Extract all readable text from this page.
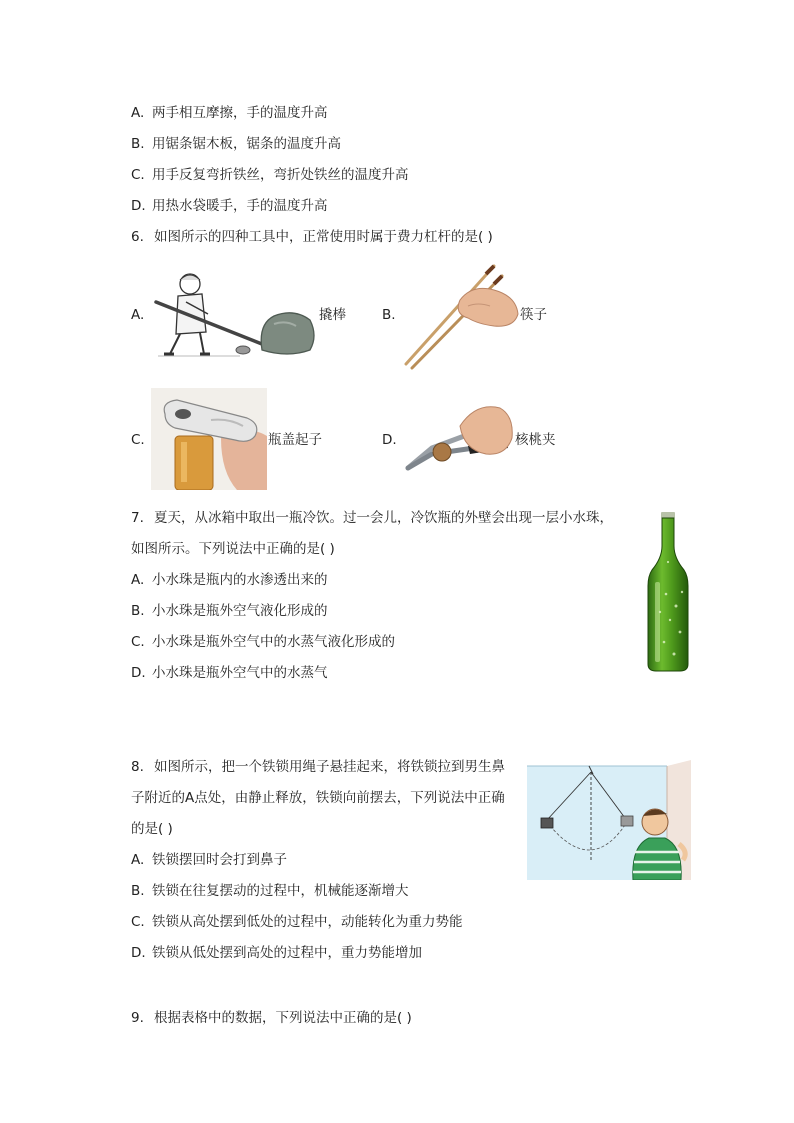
A. 两手相互摩擦，手的温度升高
B. 用锯条锯木板，锯条的温度升高
C. 用手反复弯折铁丝，弯折处铁丝的温度升高
D. 用热水袋暖手，手的温度升高
6. 如图所示的四种工具中，正常使用时属于费力杠杆的是( )
A.	撬棒	B.	筷子
C.	瓶盖起子	D.	核桃夹
7. 夏天，从冰箱中取出一瓶冷饮。过一会儿，冷饮瓶的外壁会出现一层小水珠，
如图所示。下列说法中正确的是( )
A. 小水珠是瓶内的水渗透出来的
B. 小水珠是瓶外空气液化形成的
C. 小水珠是瓶外空气中的水蒸气液化形成的
D. 小水珠是瓶外空气中的水蒸气
8. 如图所示，把一个铁锁用绳子悬挂起来，将铁锁拉到男生鼻
子附近的A点处，由静止释放，铁锁向前摆去，下列说法中正确
的是( )
A. 铁锁摆回时会打到鼻子
B. 铁锁在往复摆动的过程中，机械能逐渐增大
C. 铁锁从高处摆到低处的过程中，动能转化为重力势能
D. 铁锁从低处摆到高处的过程中，重力势能增加
9. 根据表格中的数据，下列说法中正确的是( )
